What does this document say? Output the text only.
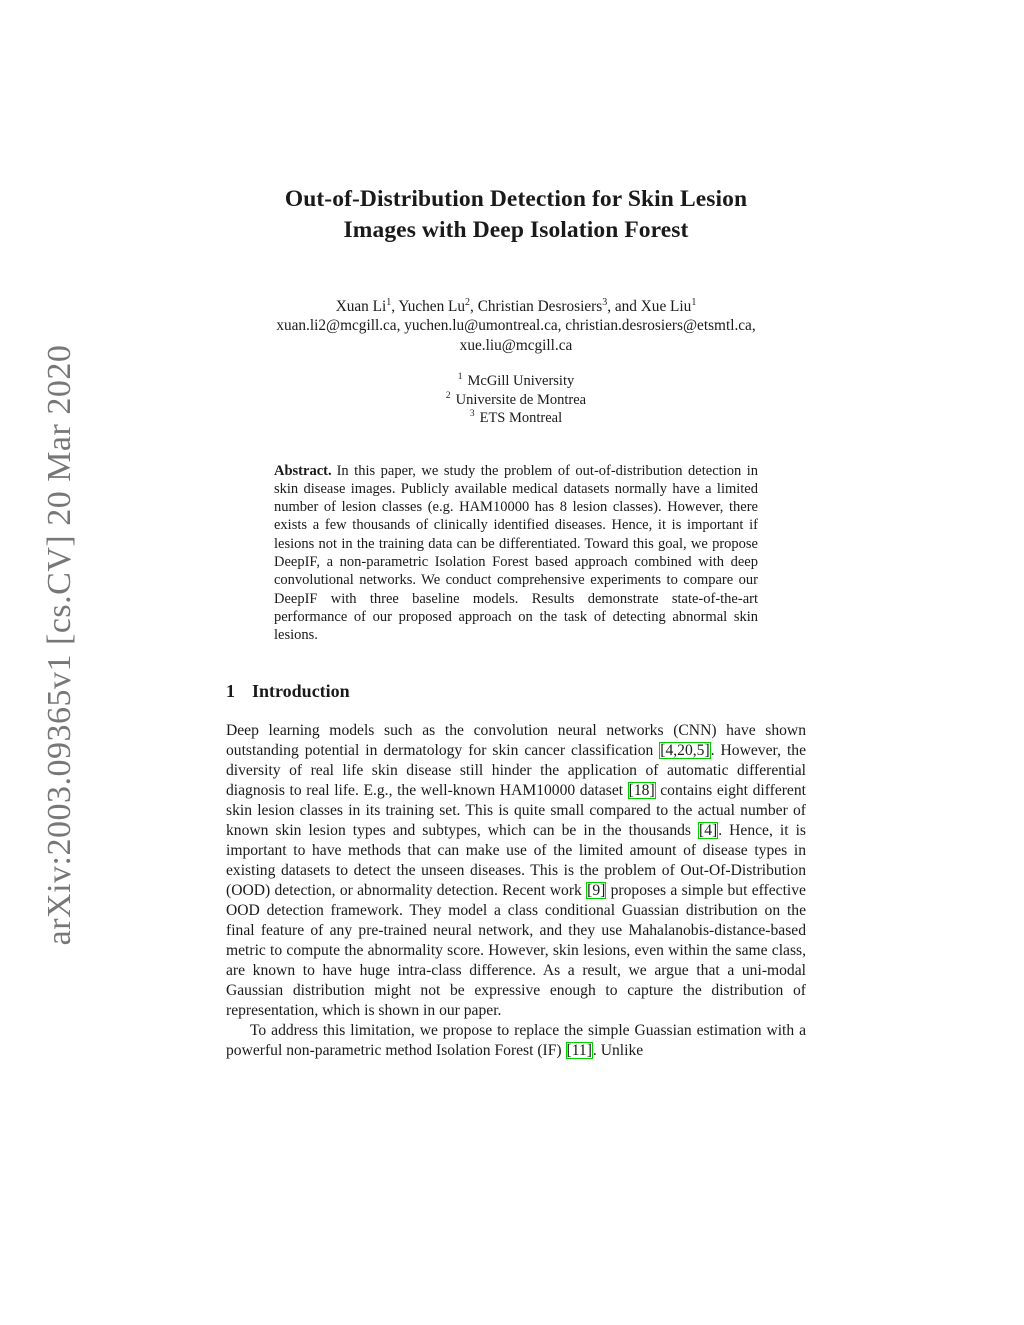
arXiv:2003.09365v1 [cs.CV] 20 Mar 2020
Out-of-Distribution Detection for Skin Lesion
Images with Deep Isolation Forest
Xuan Li$^1$, Yuchen Lu$^2$, Christian Desrosiers$^3$, and Xue Liu$^1$
xuan.li2@mcgill.ca, yuchen.lu@umontreal.ca, christian.desrosiers@etsmtl.ca,
xue.liu@mcgill.ca
$^1$ McGill University
$^2$ Universite de Montrea
$^3$ ETS Montreal
Abstract. In this paper, we study the problem of out-of-distribution detection in skin disease images. Publicly available medical datasets normally have a limited number of lesion classes (e.g. HAM10000 has 8 lesion classes). However, there exists a few thousands of clinically identified diseases. Hence, it is important if lesions not in the training data can be differentiated. Toward this goal, we propose DeepIF, a non-parametric Isolation Forest based approach combined with deep convolutional networks. We conduct comprehensive experiments to compare our DeepIF with three baseline models. Results demonstrate state-of-the-art performance of our proposed approach on the task of detecting abnormal skin lesions.
1 Introduction

Deep learning models such as the convolution neural networks (CNN) have shown outstanding potential in dermatology for skin cancer classification [4,20,5]. However, the diversity of real life skin disease still hinder the application of automatic differential diagnosis to real life. E.g., the well-known HAM10000 dataset [18] contains eight different skin lesion classes in its training set. This is quite small compared to the actual number of known skin lesion types and subtypes, which can be in the thousands [4]. Hence, it is important to have methods that can make use of the limited amount of disease types in existing datasets to detect the unseen diseases. This is the problem of Out-Of-Distribution (OOD) detection, or abnormality detection. Recent work [9] proposes a simple but effective OOD detection framework. They model a class conditional Guassian distribution on the final feature of any pre-trained neural network, and they use Mahalanobis-distance-based metric to compute the abnormality score. However, skin lesions, even within the same class, are known to have huge intra-class difference. As a result, we argue that a uni-modal Gaussian distribution might not be expressive enough to capture the distribution of representation, which is shown in our paper.

To address this limitation, we propose to replace the simple Guassian estimation with a powerful non-parametric method Isolation Forest (IF) [11]. Unlike
